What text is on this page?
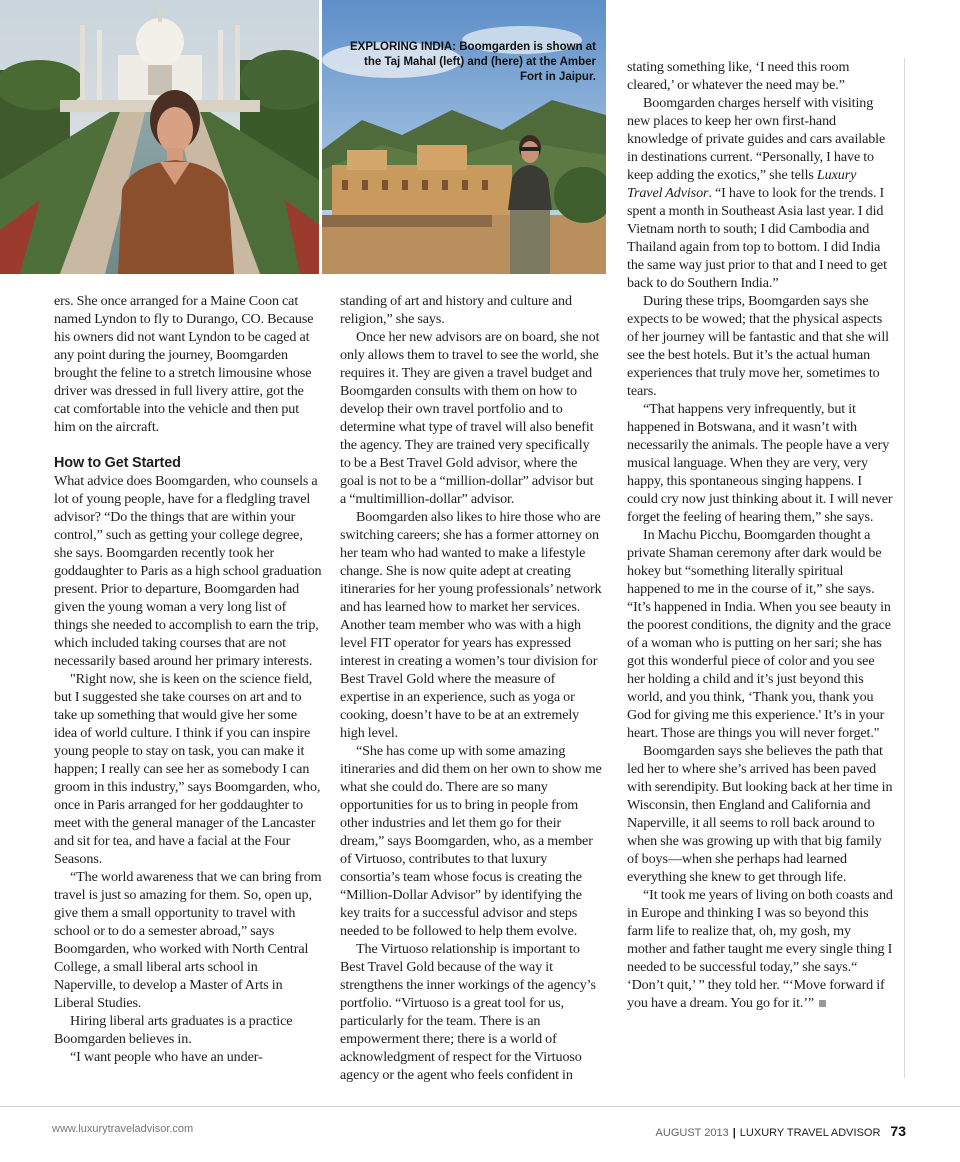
EXPLORING INDIA: Boomgarden is shown at the Taj Mahal (left) and (here) at the Amber Fort in Jaipur.

ers. She once arranged for a Maine Coon cat named Lyndon to fly to Durango, CO. Because his owners did not want Lyndon to be caged at any point during the journey, Boomgarden brought the feline to a stretch limousine whose driver was dressed in full livery attire, got the cat comfortable into the vehicle and then put him on the aircraft.

How to Get Started

What advice does Boomgarden, who counsels a lot of young people, have for a fledgling travel advisor? “Do the things that are within your control,” such as getting your college degree, she says. Boomgarden recently took her goddaughter to Paris as a high school graduation present. Prior to departure, Boomgarden had given the young woman a very long list of things she needed to accomplish to earn the trip, which included taking courses that are not necessarily based around her primary interests.

"Right now, she is keen on the science field, but I suggested she take courses on art and to take up something that would give her some idea of world culture. I think if you can inspire young people to stay on task, you can make it happen; I really can see her as somebody I can groom in this industry,” says Boomgarden, who, once in Paris arranged for her goddaughter to meet with the general manager of the Lancaster and sit for tea, and have a facial at the Four Seasons.

“The world awareness that we can bring from travel is just so amazing for them. So, open up, give them a small opportunity to travel with school or to do a semester abroad,” says Boomgarden, who worked with North Central College, a small liberal arts school in Naperville, to develop a Master of Arts in Liberal Studies.

Hiring liberal arts graduates is a practice Boomgarden believes in.

“I want people who have an under-

standing of art and history and culture and religion,” she says.

Once her new advisors are on board, she not only allows them to travel to see the world, she requires it. They are given a travel budget and Boomgarden consults with them on how to develop their own travel portfolio and to determine what type of travel will also benefit the agency. They are trained very specifically to be a Best Travel Gold advisor, where the goal is not to be a “million-dollar” advisor but a “multimillion-dollar” advisor.

Boomgarden also likes to hire those who are switching careers; she has a former attorney on her team who had wanted to make a lifestyle change. She is now quite adept at creating itineraries for her young professionals’ network and has learned how to market her services. Another team member who was with a high level FIT operator for years has expressed interest in creating a women’s tour division for Best Travel Gold where the measure of expertise in an experience, such as yoga or cooking, doesn’t have to be at an extremely high level.

“She has come up with some amazing itineraries and did them on her own to show me what she could do. There are so many opportunities for us to bring in people from other industries and let them go for their dream,” says Boomgarden, who, as a member of Virtuoso, contributes to that luxury consortia’s team whose focus is creating the “Million-Dollar Advisor” by identifying the key traits for a successful advisor and steps needed to be followed to help them evolve.

The Virtuoso relationship is important to Best Travel Gold because of the way it strengthens the inner workings of the agency’s portfolio. “Virtuoso is a great tool for us, particularly for the team. There is an empowerment there; there is a world of acknowledgment of respect for the Virtuoso agency or the agent who feels confident in

stating something like, ‘I need this room cleared,’ or whatever the need may be.”

Boomgarden charges herself with visiting new places to keep her own first-hand knowledge of private guides and cars available in destinations current. “Personally, I have to keep adding the exotics,” she tells Luxury Travel Advisor. “I have to look for the trends. I spent a month in Southeast Asia last year. I did Vietnam north to south; I did Cambodia and Thailand again from top to bottom. I did India the same way just prior to that and I need to get back to do Southern India.”

During these trips, Boomgarden says she expects to be wowed; that the physical aspects of her journey will be fantastic and that she will see the best hotels. But it’s the actual human experiences that truly move her, sometimes to tears.

“That happens very infrequently, but it happened in Botswana, and it wasn’t with necessarily the animals. The people have a very musical language. When they are very, very happy, this spontaneous singing happens. I could cry now just thinking about it. I will never forget the feeling of hearing them,” she says.

In Machu Picchu, Boomgarden thought a private Shaman ceremony after dark would be hokey but “something literally spiritual happened to me in the course of it,” she says. “It’s happened in India. When you see beauty in the poorest conditions, the dignity and the grace of a woman who is putting on her sari; she has got this wonderful piece of color and you see her holding a child and it’s just beyond this world, and you think, ‘Thank you, thank you God for giving me this experience.' It’s in your heart. Those are things you will never forget."

Boomgarden says she believes the path that led her to where she’s arrived has been paved with serendipity. But looking back at her time in Wisconsin, then England and California and Naperville, it all seems to roll back around to when she was growing up with that big family of boys—when she perhaps had learned everything she knew to get through life.

“It took me years of living on both coasts and in Europe and thinking I was so beyond this farm life to realize that, oh, my gosh, my mother and father taught me every single thing I needed to be successful today,” she says.“ ‘Don’t quit,’ ” they told her. “‘Move forward if you have a dream. You go for it.’”

www.luxurytraveladvisor.com	AUGUST 2013 | LUXURY TRAVEL ADVISOR 73
